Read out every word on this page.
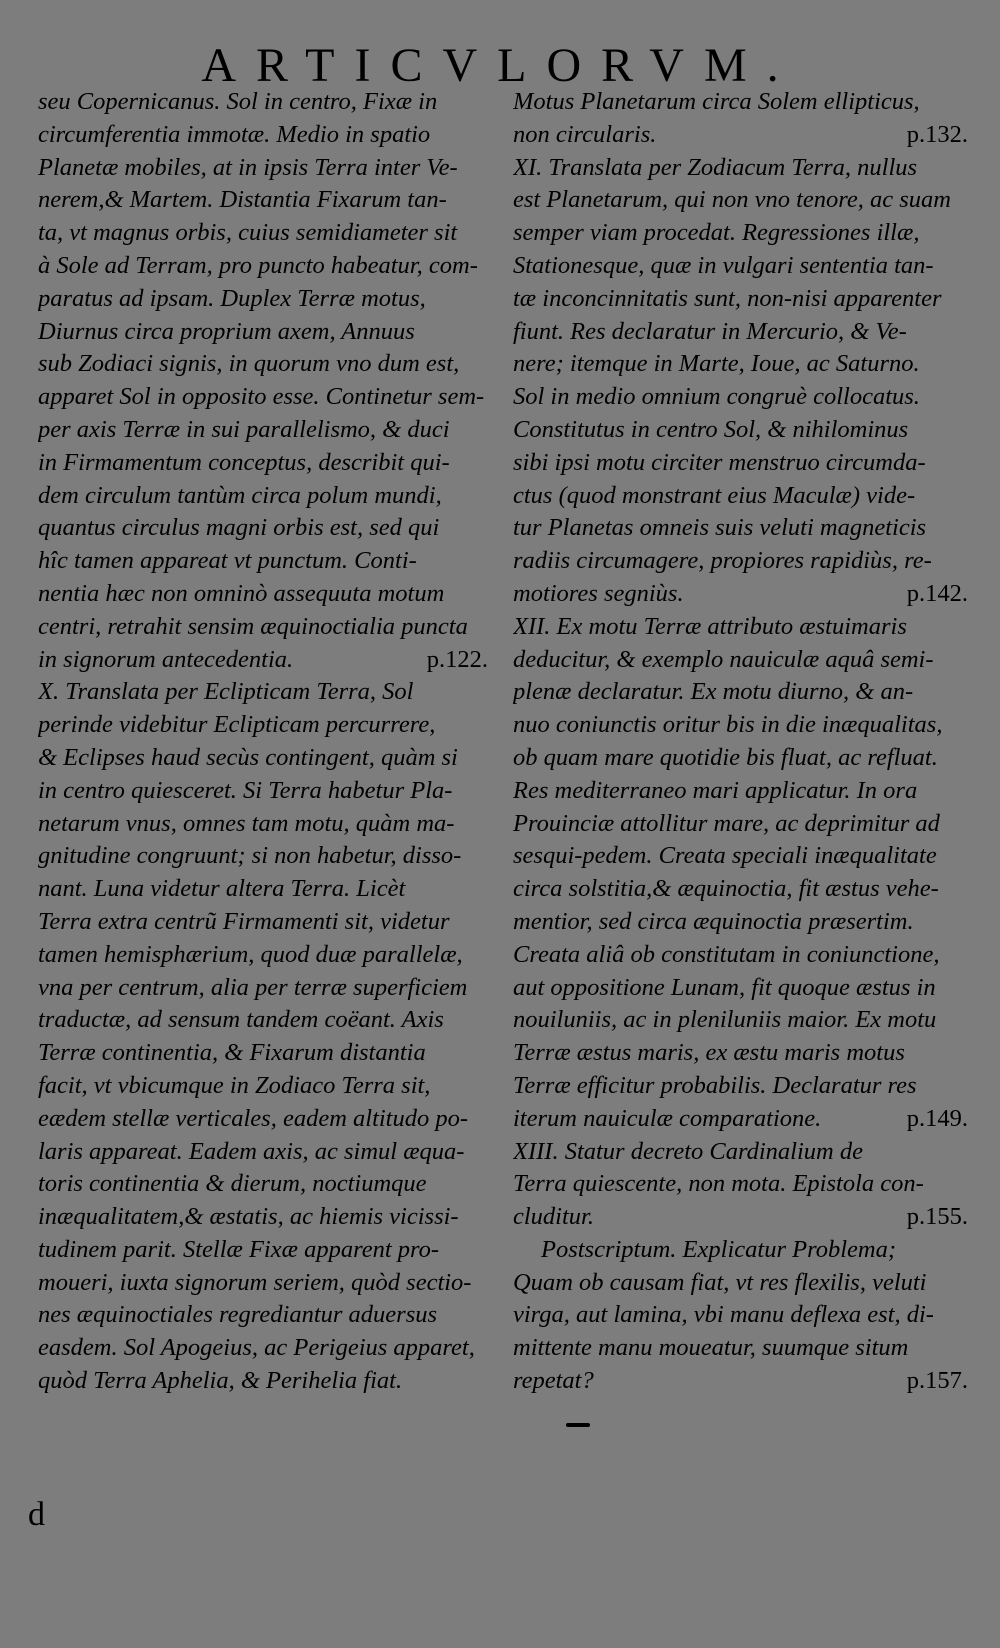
ARTICVLORVM.
seu Copernicanus. Sol in centro, Fixæ in
circumferentia immotæ. Medio in spatio
Planetæ mobiles, at in ipsis Terra inter Ve-
nerem,& Martem. Distantia Fixarum tan-
ta, vt magnus orbis, cuius semidiameter sit
à Sole ad Terram, pro puncto habeatur, com-
paratus ad ipsam. Duplex Terræ motus,
Diurnus circa proprium axem, Annuus
sub Zodiaci signis, in quorum vno dum est,
apparet Sol in opposito esse. Continetur sem-
per axis Terræ in sui parallelismo, & duci
in Firmamentum conceptus, describit qui-
dem circulum tantùm circa polum mundi,
quantus circulus magni orbis est, sed qui
hîc tamen appareat vt punctum. Conti-
nentia hæc non omninò assequuta motum
centri, retrahit sensim æquinoctialia puncta
in signorum antecedentia.	p.122.
X. Translata per Eclipticam Terra, Sol
perinde videbitur Eclipticam percurrere,
& Eclipses haud secùs contingent, quàm si
in centro quiesceret. Si Terra habetur Pla-
netarum vnus, omnes tam motu, quàm ma-
gnitudine congruunt; si non habetur, disso-
nant. Luna videtur altera Terra. Licèt
Terra extra centrũ Firmamenti sit, videtur
tamen hemisphærium, quod duæ parallelæ,
vna per centrum, alia per terræ superficiem
traductæ, ad sensum tandem coëant. Axis
Terræ continentia, & Fixarum distantia
facit, vt vbicumque in Zodiaco Terra sit,
eædem stellæ verticales, eadem altitudo po-
laris appareat. Eadem axis, ac simul æqua-
toris continentia & dierum, noctiumque
inæqualitatem,& æstatis, ac hiemis vicissi-
tudinem parit. Stellæ Fixæ apparent pro-
moueri, iuxta signorum seriem, quòd sectio-
nes æquinoctiales regrediantur aduersus
easdem. Sol Apogeius, ac Perigeius apparet,
quòd Terra Aphelia, & Perihelia fiat.
Motus Planetarum circa Solem ellipticus,
non circularis.	p.132.
XI. Translata per Zodiacum Terra, nullus
est Planetarum, qui non vno tenore, ac suam
semper viam procedat. Regressiones illæ,
Stationesque, quæ in vulgari sententia tan-
tæ inconcinnitatis sunt, non-nisi apparenter
fiunt. Res declaratur in Mercurio, & Ve-
nere; itemque in Marte, Ioue, ac Saturno.
Sol in medio omnium congruè collocatus.
Constitutus in centro Sol, & nihilominus
sibi ipsi motu circiter menstruo circumda-
ctus (quod monstrant eius Maculæ) vide-
tur Planetas omneis suis veluti magneticis
radiis circumagere, propiores rapidiùs, re-
motiores segniùs.	p.142.
XII. Ex motu Terræ attributo æstuimaris
deducitur, & exemplo nauiculæ aquâ semi-
plenæ declaratur. Ex motu diurno, & an-
nuo coniunctis oritur bis in die inæqualitas,
ob quam mare quotidie bis fluat, ac refluat.
Res mediterraneo mari applicatur. In ora
Prouinciæ attollitur mare, ac deprimitur ad
sesqui-pedem. Creata speciali inæqualitate
circa solstitia,& æquinoctia, fit æstus vehe-
mentior, sed circa æquinoctia præsertim.
Creata aliâ ob constitutam in coniunctione,
aut oppositione Lunam, fit quoque æstus in
nouiluniis, ac in pleniluniis maior. Ex motu
Terræ æstus maris, ex æstu maris motus
Terræ efficitur probabilis. Declaratur res
iterum nauiculæ comparatione.	p.149.
XIII. Statur decreto Cardinalium de
Terra quiescente, non mota. Epistola con-
cluditur.	p.155.
Postscriptum. Explicatur Problema;
Quam ob causam fiat, vt res flexilis, veluti
virga, aut lamina, vbi manu deflexa est, di-
mittente manu moueatur, suumque situm
repetat?	p.157.
d
